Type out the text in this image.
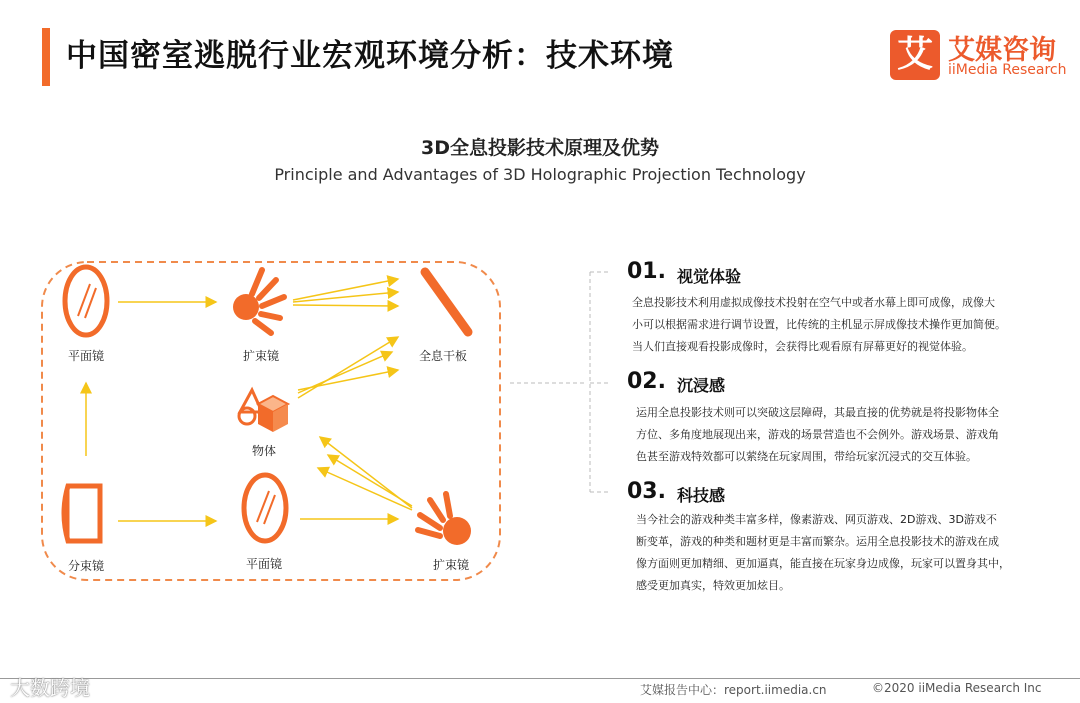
中国密室逃脱行业宏观环境分析：技术环境	艾 艾媒咨询
iiMedia Research
3D全息投影技术原理及优势
Principle and Advantages of 3D Holographic Projection Technology
平面镜	扩束镜	全息干板
物体
分束镜	平面镜	扩束镜
01. 视觉体验
全息投影技术利用虚拟成像技术投射在空气中或者水幕上即可成像，成像大
小可以根据需求进行调节设置，比传统的主机显示屏成像技术操作更加简便。
当人们直接观看投影成像时，会获得比观看原有屏幕更好的视觉体验。
02. 沉浸感
运用全息投影技术则可以突破这层障碍，其最直接的优势就是将投影物体全
方位、多角度地展现出来，游戏的场景营造也不会例外。游戏场景、游戏角
色甚至游戏特效都可以萦绕在玩家周围，带给玩家沉浸式的交互体验。
03. 科技感
当今社会的游戏种类丰富多样，像素游戏、网页游戏、2D游戏、3D游戏不
断变革，游戏的种类和题材更是丰富而繁杂。运用全息投影技术的游戏在成
像方面则更加精细、更加逼真，能直接在玩家身边成像，玩家可以置身其中，
感受更加真实，特效更加炫目。
大数跨境	艾媒报告中心：report.iimedia.cn	©2020 iiMedia Research Inc
